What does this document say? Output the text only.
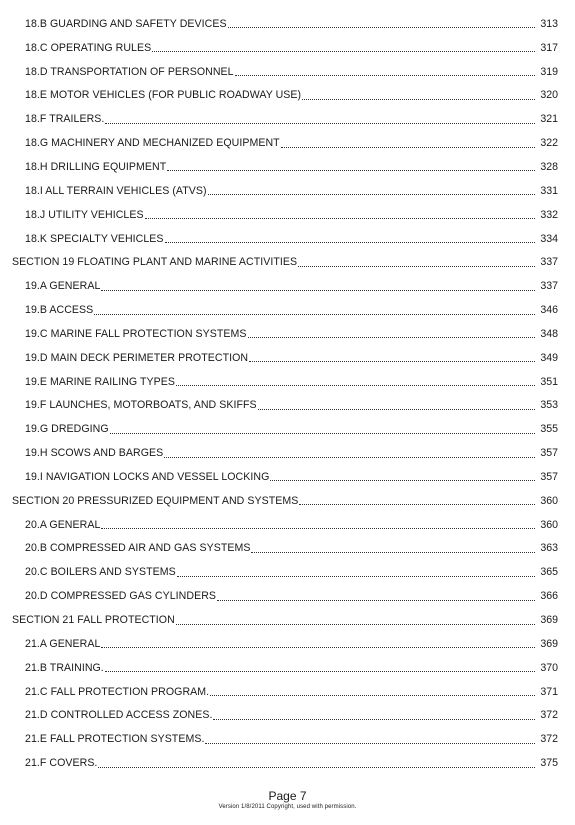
18.B GUARDING AND SAFETY DEVICES	313
18.C OPERATING RULES	317
18.D TRANSPORTATION OF PERSONNEL	319
18.E MOTOR VEHICLES (FOR PUBLIC ROADWAY USE)	320
18.F TRAILERS.	321
18.G MACHINERY AND MECHANIZED EQUIPMENT	322
18.H DRILLING EQUIPMENT	328
18.I ALL TERRAIN VEHICLES (ATVS)	331
18.J UTILITY VEHICLES	332
18.K SPECIALTY VEHICLES	334
SECTION 19 FLOATING PLANT AND MARINE ACTIVITIES	337
19.A GENERAL	337
19.B ACCESS	346
19.C MARINE FALL PROTECTION SYSTEMS	348
19.D MAIN DECK PERIMETER PROTECTION	349
19.E MARINE RAILING TYPES	351
19.F LAUNCHES, MOTORBOATS, AND SKIFFS	353
19.G DREDGING	355
19.H SCOWS AND BARGES	357
19.I NAVIGATION LOCKS AND VESSEL LOCKING	357
SECTION 20 PRESSURIZED EQUIPMENT AND SYSTEMS	360
20.A GENERAL	360
20.B COMPRESSED AIR AND GAS SYSTEMS	363
20.C BOILERS AND SYSTEMS	365
20.D COMPRESSED GAS CYLINDERS	366
SECTION 21 FALL PROTECTION	369
21.A GENERAL	369
21.B TRAINING.	370
21.C FALL PROTECTION PROGRAM.	371
21.D CONTROLLED ACCESS ZONES.	372
21.E FALL PROTECTION SYSTEMS.	372
21.F COVERS.	375
Page 7
Version 1/8/2011 Copyright, used with permission.
